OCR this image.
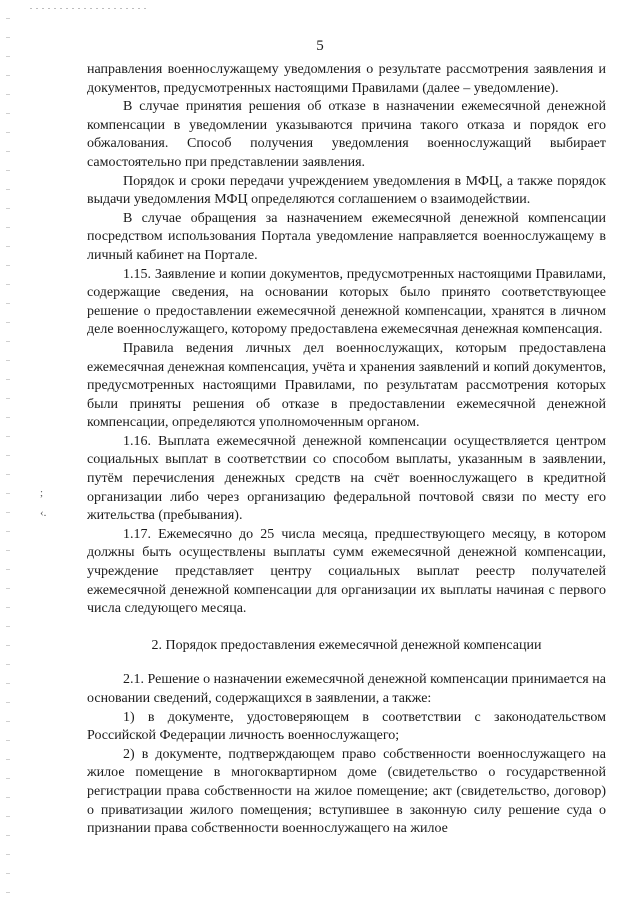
;

‹.
5

направления военнослужащему уведомления о результате рассмотрения заявления и документов, предусмотренных настоящими Правилами (далее – уведомление).

В случае принятия решения об отказе в назначении ежемесячной денежной компенсации в уведомлении указываются причина такого отказа и порядок его обжалования. Способ получения уведомления военнослужащий выбирает самостоятельно при представлении заявления.

Порядок и сроки передачи учреждением уведомления в МФЦ, а также порядок выдачи уведомления МФЦ определяются соглашением о взаимодействии.

В случае обращения за назначением ежемесячной денежной компенсации посредством использования Портала уведомление направляется военнослужащему в личный кабинет на Портале.

1.15. Заявление и копии документов, предусмотренных настоящими Правилами, содержащие сведения, на основании которых было принято соответствующее решение о предоставлении ежемесячной денежной компенсации, хранятся в личном деле военнослужащего, которому предоставлена ежемесячная денежная компенсация.

Правила ведения личных дел военнослужащих, которым предоставлена ежемесячная денежная компенсация, учёта и хранения заявлений и копий документов, предусмотренных настоящими Правилами, по результатам рассмотрения которых были приняты решения об отказе в предоставлении ежемесячной денежной компенсации, определяются уполномоченным органом.

1.16. Выплата ежемесячной денежной компенсации осуществляется центром социальных выплат в соответствии со способом выплаты, указанным в заявлении, путём перечисления денежных средств на счёт военнослужащего в кредитной организации либо через организацию федеральной почтовой связи по месту его жительства (пребывания).

1.17. Ежемесячно до 25 числа месяца, предшествующего месяцу, в котором должны быть осуществлены выплаты сумм ежемесячной денежной компенсации, учреждение представляет центру социальных выплат реестр получателей ежемесячной денежной компенсации для организации их выплаты начиная с первого числа следующего месяца.

2. Порядок предоставления ежемесячной денежной компенсации

2.1. Решение о назначении ежемесячной денежной компенсации принимается на основании сведений, содержащихся в заявлении, а также:

1) в документе, удостоверяющем в соответствии с законодательством Российской Федерации личность военнослужащего;

2) в документе, подтверждающем право собственности военнослужащего на жилое помещение в многоквартирном доме (свидетельство о государственной регистрации права собственности на жилое помещение; акт (свидетельство, договор) о приватизации жилого помещения; вступившее в законную силу решение суда о признании права собственности военнослужащего на жилое
